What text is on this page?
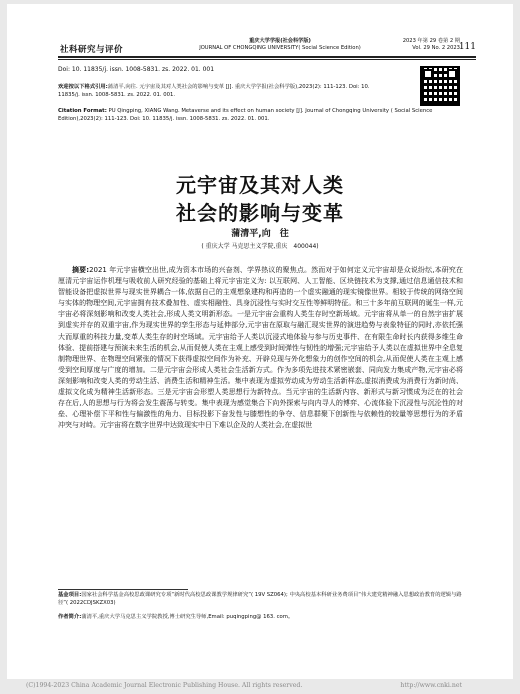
社科研究与评价
重庆大学学报(社会科学版)
JOURNAL OF CHONGQING UNIVERSITY( Social Science Edition)
2023 年第 29 卷第 2 期
Vol. 29 No. 2 2023
111
Doi: 10. 11835/j. issn. 1008-5831. zs. 2022. 01. 001
欢迎按以下格式引用:蒲清平,向往. 元宇宙及其对人类社会的影响与变革 [J]. 重庆大学学报(社会科学版),2023(2): 111-123. Doi: 10. 11835/j. issn. 1008-5831. zs. 2022. 01. 001.
Citation Format: PU Qingping, XIANG Wang. Metaverse and its effect on human society [J]. Journal of Chongqing University ( Social Science Edition),2023(2): 111-123. Doi: 10. 11835/j. issn. 1008-5831. zs. 2022. 01. 001.
元宇宙及其对人类
社会的影响与变革
蒲清平,向　往
( 重庆大学 马克思主义学院,重庆　400044)
摘要:2021 年元宇宙横空出世,成为资本市场的兴奋剂、学界热议的聚焦点。然而对于如何定义元宇宙却是众说纷纭,本研究在厘清元宇宙运作机理与吸收前人研究经验的基础上将元宇宙定义为: 以互联网、人工智能、区块链技术为支撑,通过信息通信技术和智能设备把虚拟世界与现实世界耦合一体,依据自己的主观想象建构和再造的一个虚实融通的现实镜像世界。相较于传统的网络空间与实体的物理空间,元宇宙拥有技术叠加性、虚实相融性、具身沉浸性与实时交互性等鲜明特征。和三十多年前互联网的诞生一样,元宇宙必将深刻影响和改变人类社会,形成人类文明新形态。一是元宇宙会重构人类生存时空新场域。元宇宙将从单一的自然宇宙扩展到虚实并存的双重宇宙,作为现实世界的孪生形态与延伸部分,元宇宙在原取与融汇现实世界的演进趋势与表象特征的同时,亦依托强大而厚重的科技力量,变革人类生存的时空场域。元宇宙给予人类以沉浸式地体验与参与历史事件、在有限生命时长内获得多维生命体验、提前搭建与预演未来生活的机会,从而促使人类在主观上感受到时间弹性与韧性的增强;元宇宙给予人类以在虚拟世界中全息复制物理世界、在物理空间紧张的情况下获得虚拟空间作为补充、开辟兑现与外化想象力的创作空间的机会,从而促使人类在主观上感受到空间厚度与广度的增加。二是元宇宙会形成人类社会生活新方式。作为多项先进技术紧密嵌套、同向发力集成产物,元宇宙必将深刻影响和改变人类的劳动生活、消费生活和精神生活。集中表现为虚拟劳动成为劳动生活新样态,虚拟消费成为消费行为新时尚、虚拟文化成为精神生活新形态。三是元宇宙会形塑人类思想行为新特点。当元宇宙的生活新内容、新形式与新习惯成为泛在的社会存在后,人的思想与行为将会发生震荡与转变。集中表现为感觉集合下向外探索与向内寻人的博弈、心流体验下沉浸性与沉沦性的对垒、心理补偿下平和性与偏激性的角力、目标投影下奋发性与膝想性的争夺、信息群聚下创新性与依赖性的较量等思想行为的矛盾冲突与对峙。元宇宙将在数字世界中达致现实中日下难以企及的人类社会,在虚拟世
基金项目:国家社会科学基金高校思政课研究专项“新时代高校思政课教学规律研究”( 19V SZ064); 中央高校基本科研业务费项目“伟大建党精神融入思想政治教育的逻辑与路径”( 2022CDJSKZX03)
作者简介:蒲清平,重庆大学马克思主义学院教授,博士研究生导师,Email: puqingping@ 163. com。
(C)1994-2023 China Academic Journal Electronic Publishing House. All rights reserved.	http://www.cnki.net
